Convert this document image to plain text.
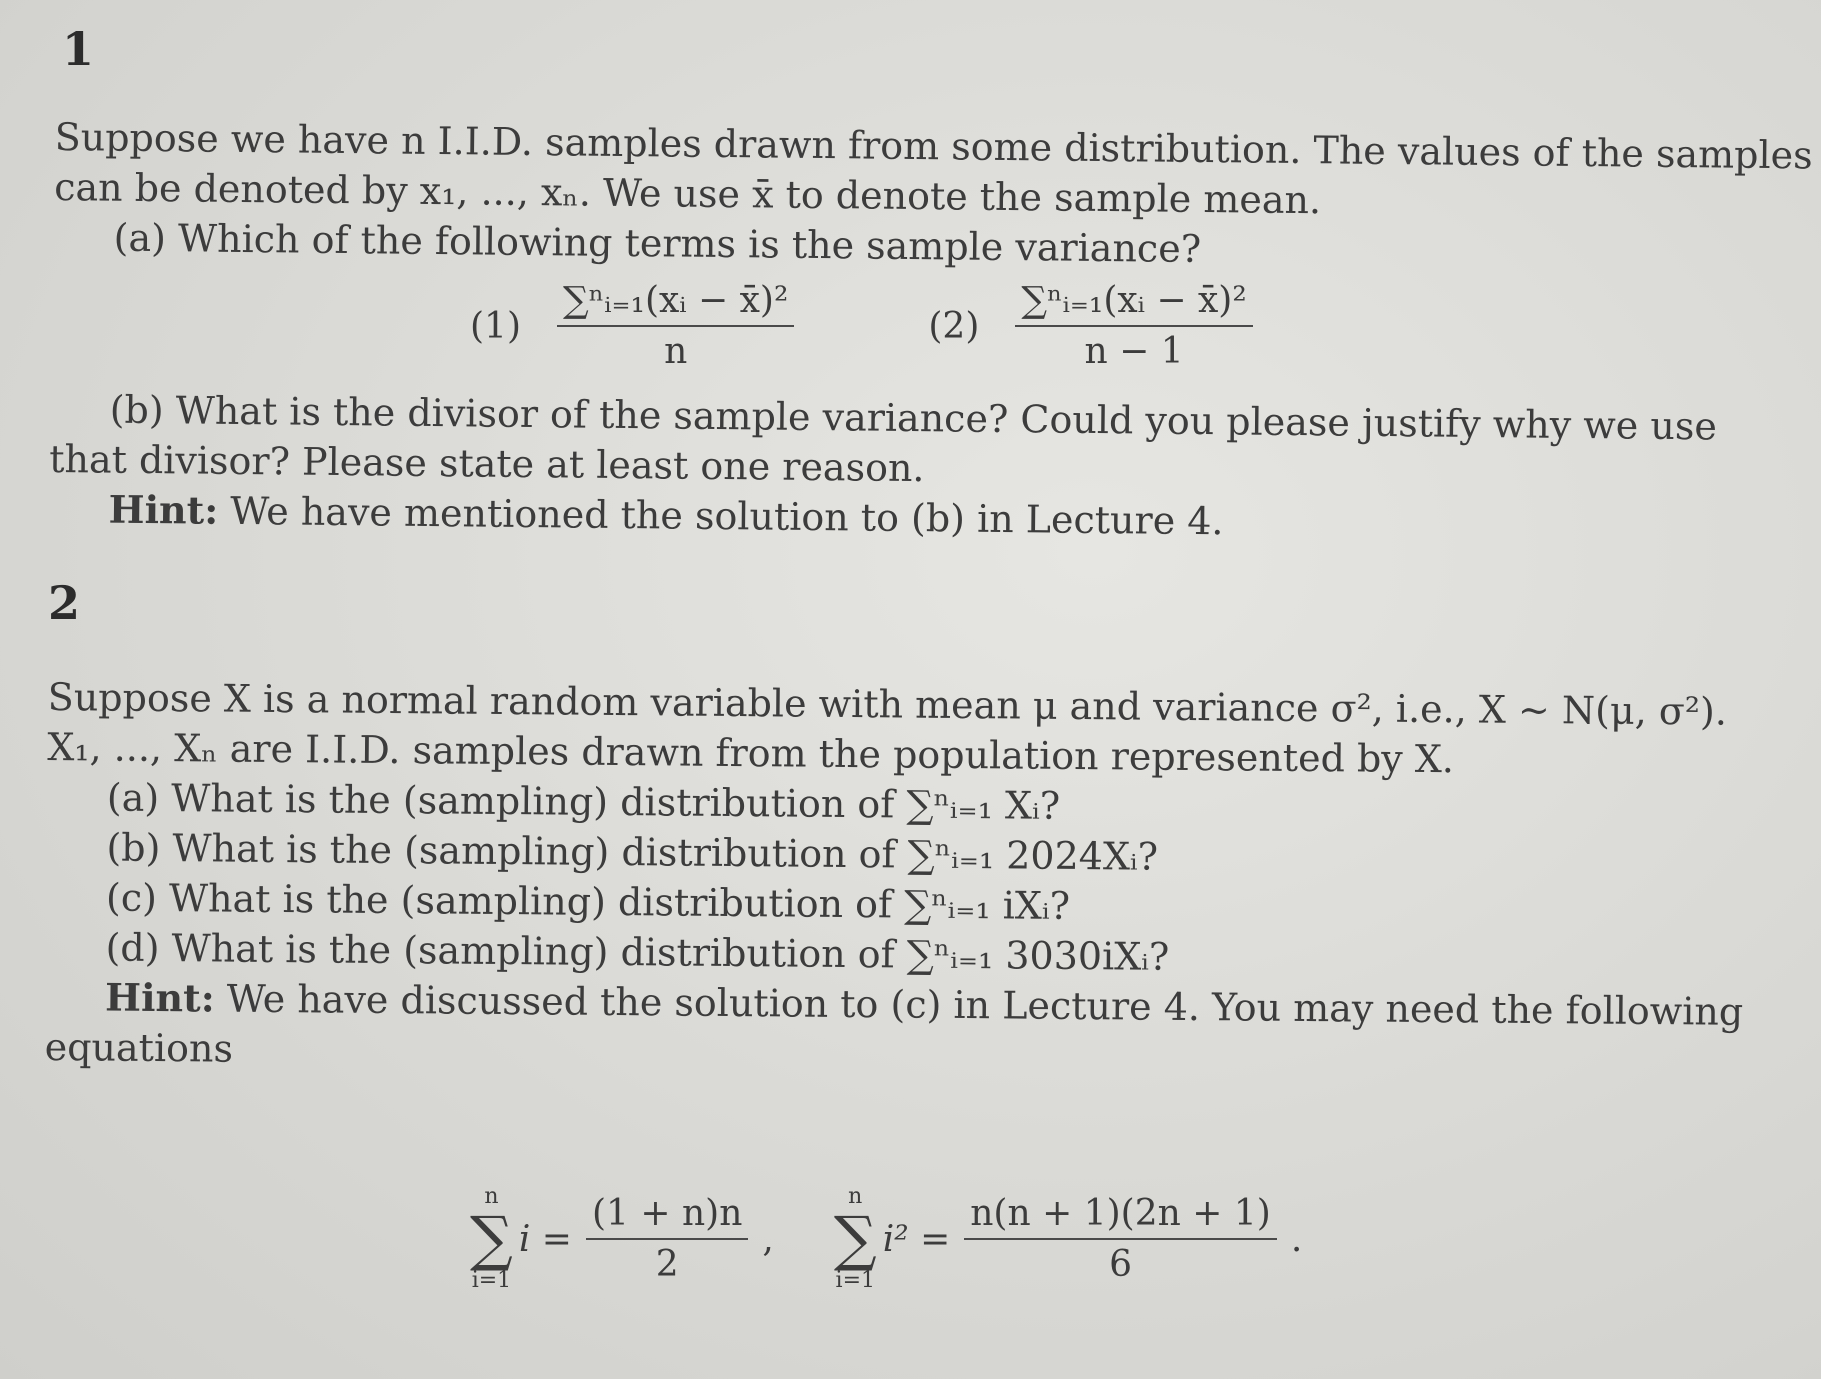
1
Suppose we have n I.I.D. samples drawn from some distribution. The values of the samples
can be denoted by x₁, ..., xₙ. We use x̄ to denote the sample mean.
(a) Which of the following terms is the sample variance?
$(1) \frac{\text{∑ⁿᵢ₌₁(xᵢ − x̄)²}}{n}$	$(2) \frac{\text{∑ⁿᵢ₌₁(xᵢ − x̄)²}}{n - 1}$
(b) What is the divisor of the sample variance? Could you please justify why we use
that divisor? Please state at least one reason.
Hint: We have mentioned the solution to (b) in Lecture 4.
2
Suppose X is a normal random variable with mean μ and variance σ², i.e., X ~ N(μ, σ²).
X₁, ..., Xₙ are I.I.D. samples drawn from the population represented by X.
(a) What is the (sampling) distribution of ∑ⁿᵢ₌₁ Xᵢ?
(b) What is the (sampling) distribution of ∑ⁿᵢ₌₁ 2024Xᵢ?
(c) What is the (sampling) distribution of ∑ⁿᵢ₌₁ iXᵢ?
(d) What is the (sampling) distribution of ∑ⁿᵢ₌₁ 3030iXᵢ?
Hint: We have discussed the solution to (c) in Lecture 4. You may need the following
equations
n
∑
i=1
$i = \frac{(1 + n)n}{2}$ ,
n
∑
i=1
$i^2 = \frac{n(n + 1)(2n + 1)}{6}$ .
